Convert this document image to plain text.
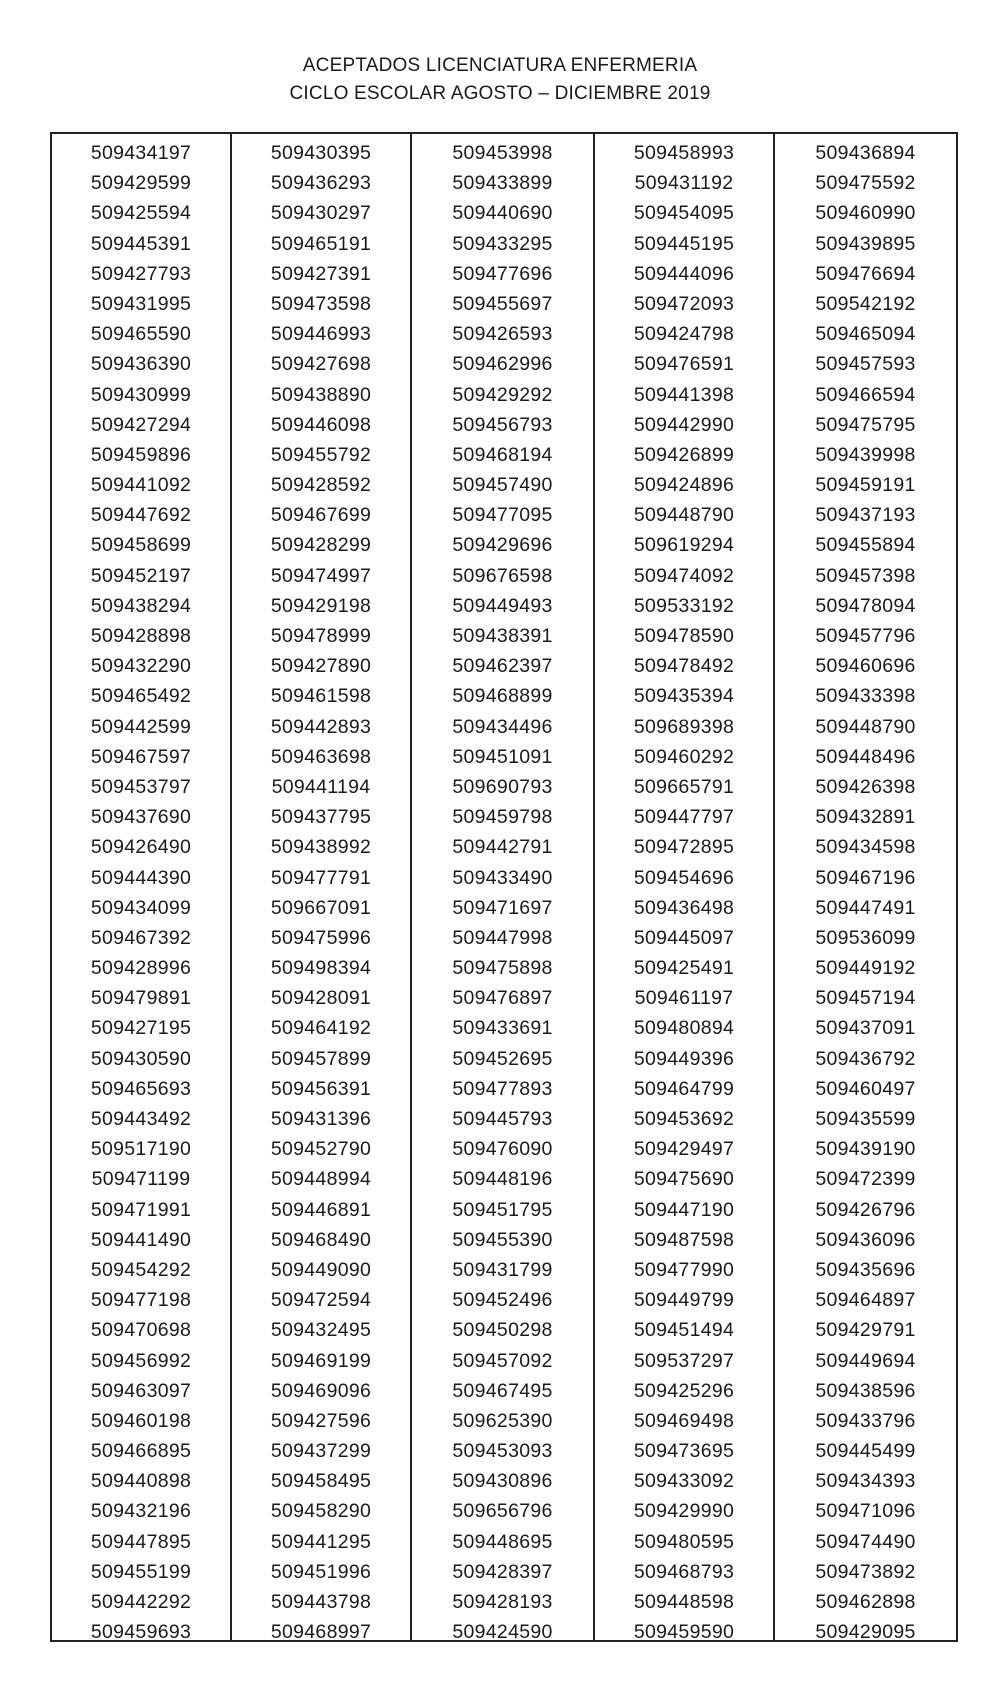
ACEPTADOS LICENCIATURA ENFERMERIA
CICLO ESCOLAR AGOSTO – DICIEMBRE 2019
509434197
509429599
509425594
509445391
509427793
509431995
509465590
509436390
509430999
509427294
509459896
509441092
509447692
509458699
509452197
509438294
509428898
509432290
509465492
509442599
509467597
509453797
509437690
509426490
509444390
509434099
509467392
509428996
509479891
509427195
509430590
509465693
509443492
509517190
509471199
509471991
509441490
509454292
509477198
509470698
509456992
509463097
509460198
509466895
509440898
509432196
509447895
509455199
509442292
509459693
509430395
509436293
509430297
509465191
509427391
509473598
509446993
509427698
509438890
509446098
509455792
509428592
509467699
509428299
509474997
509429198
509478999
509427890
509461598
509442893
509463698
509441194
509437795
509438992
509477791
509667091
509475996
509498394
509428091
509464192
509457899
509456391
509431396
509452790
509448994
509446891
509468490
509449090
509472594
509432495
509469199
509469096
509427596
509437299
509458495
509458290
509441295
509451996
509443798
509468997
509453998
509433899
509440690
509433295
509477696
509455697
509426593
509462996
509429292
509456793
509468194
509457490
509477095
509429696
509676598
509449493
509438391
509462397
509468899
509434496
509451091
509690793
509459798
509442791
509433490
509471697
509447998
509475898
509476897
509433691
509452695
509477893
509445793
509476090
509448196
509451795
509455390
509431799
509452496
509450298
509457092
509467495
509625390
509453093
509430896
509656796
509448695
509428397
509428193
509424590
509458993
509431192
509454095
509445195
509444096
509472093
509424798
509476591
509441398
509442990
509426899
509424896
509448790
509619294
509474092
509533192
509478590
509478492
509435394
509689398
509460292
509665791
509447797
509472895
509454696
509436498
509445097
509425491
509461197
509480894
509449396
509464799
509453692
509429497
509475690
509447190
509487598
509477990
509449799
509451494
509537297
509425296
509469498
509473695
509433092
509429990
509480595
509468793
509448598
509459590
509436894
509475592
509460990
509439895
509476694
509542192
509465094
509457593
509466594
509475795
509439998
509459191
509437193
509455894
509457398
509478094
509457796
509460696
509433398
509448790
509448496
509426398
509432891
509434598
509467196
509447491
509536099
509449192
509457194
509437091
509436792
509460497
509435599
509439190
509472399
509426796
509436096
509435696
509464897
509429791
509449694
509438596
509433796
509445499
509434393
509471096
509474490
509473892
509462898
509429095
